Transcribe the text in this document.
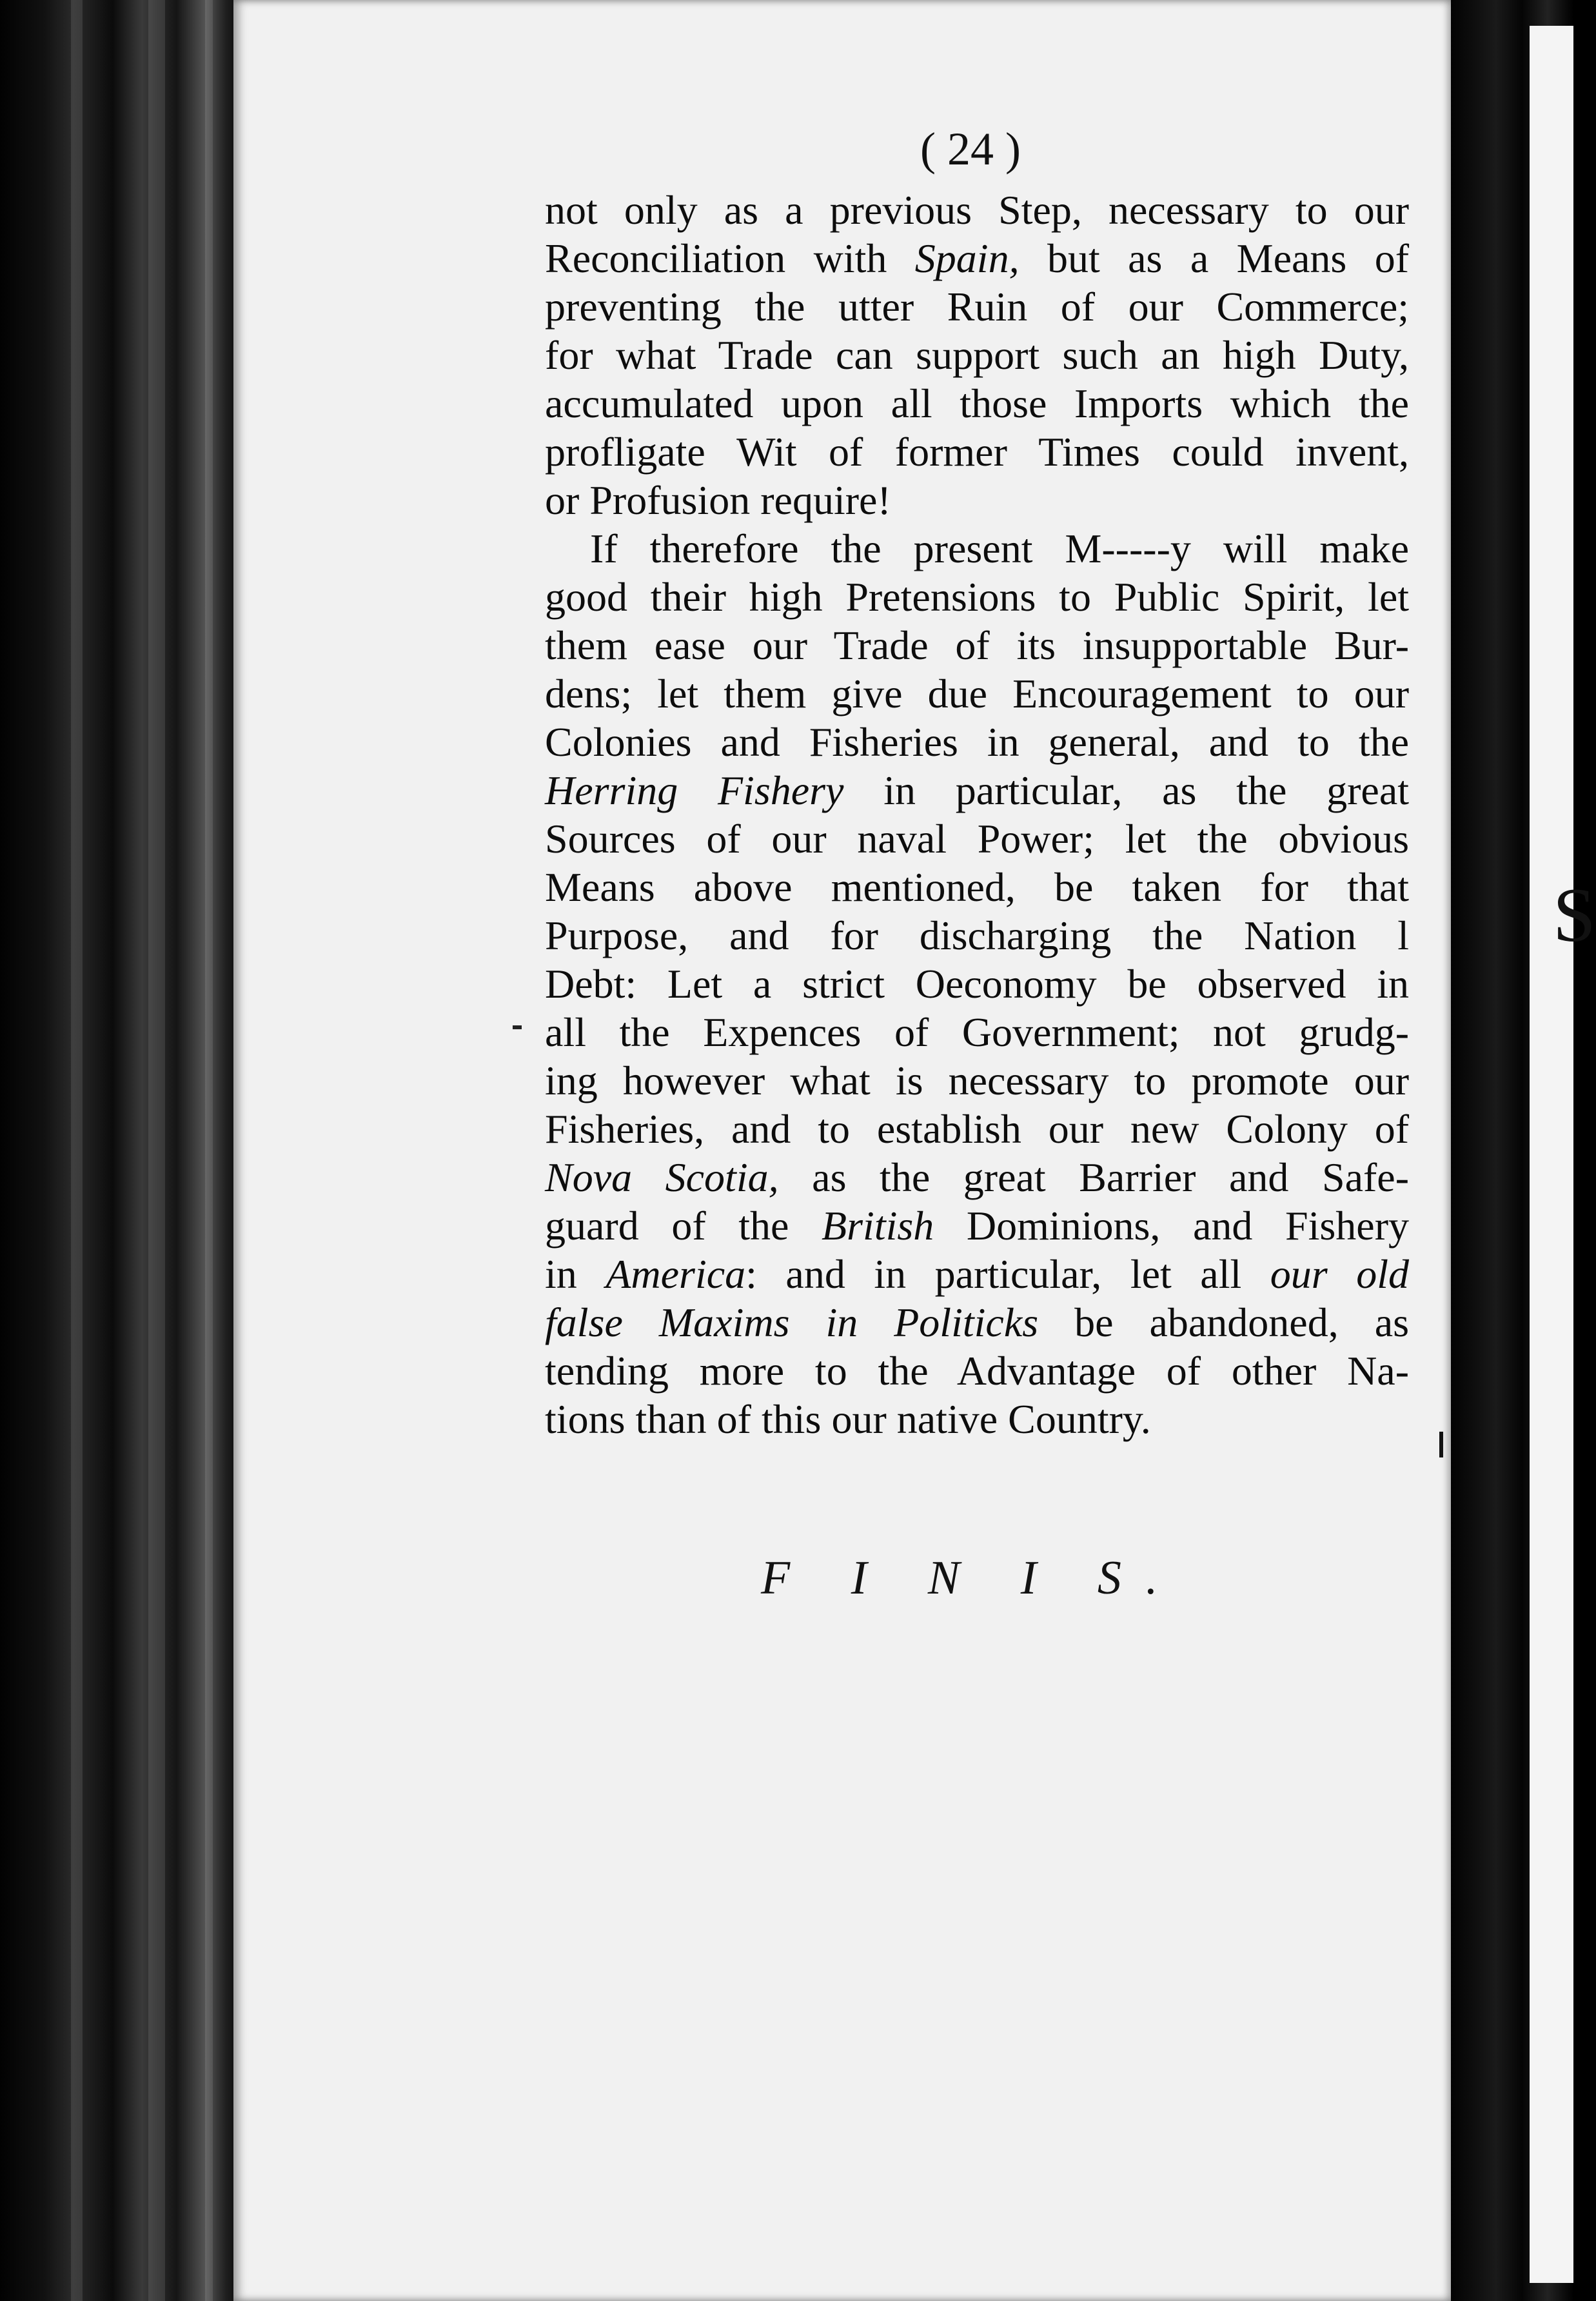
S
( 24 )
not only as a previous Step, necessary to our
Reconciliation with Spain, but as a Means of
preventing the utter Ruin of our Commerce;
for what Trade can support such an high Duty,
accumulated upon all those Imports which the
profligate Wit of former Times could invent,
or Profusion require!
If therefore the present M-----y will make
good their high Pretensions to Public Spirit, let
them ease our Trade of its insupportable Bur-
dens; let them give due Encouragement to our
Colonies and Fisheries in general, and to the
Herring Fishery in particular, as the great
Sources of our naval Power; let the obvious
Means above mentioned, be taken for that
Purpose, and for discharging the Nation l
Debt: Let a strict Oeconomy be observed in
all the Expences of Government; not grudg-
ing however what is necessary to promote our
Fisheries, and to establish our new Colony of
Nova Scotia, as the great Barrier and Safe-
guard of the British Dominions, and Fishery
in America: and in particular, let all our old
false Maxims in Politicks be abandoned, as
tending more to the Advantage of other Na-
tions than of this our native Country.
F I N I S.
